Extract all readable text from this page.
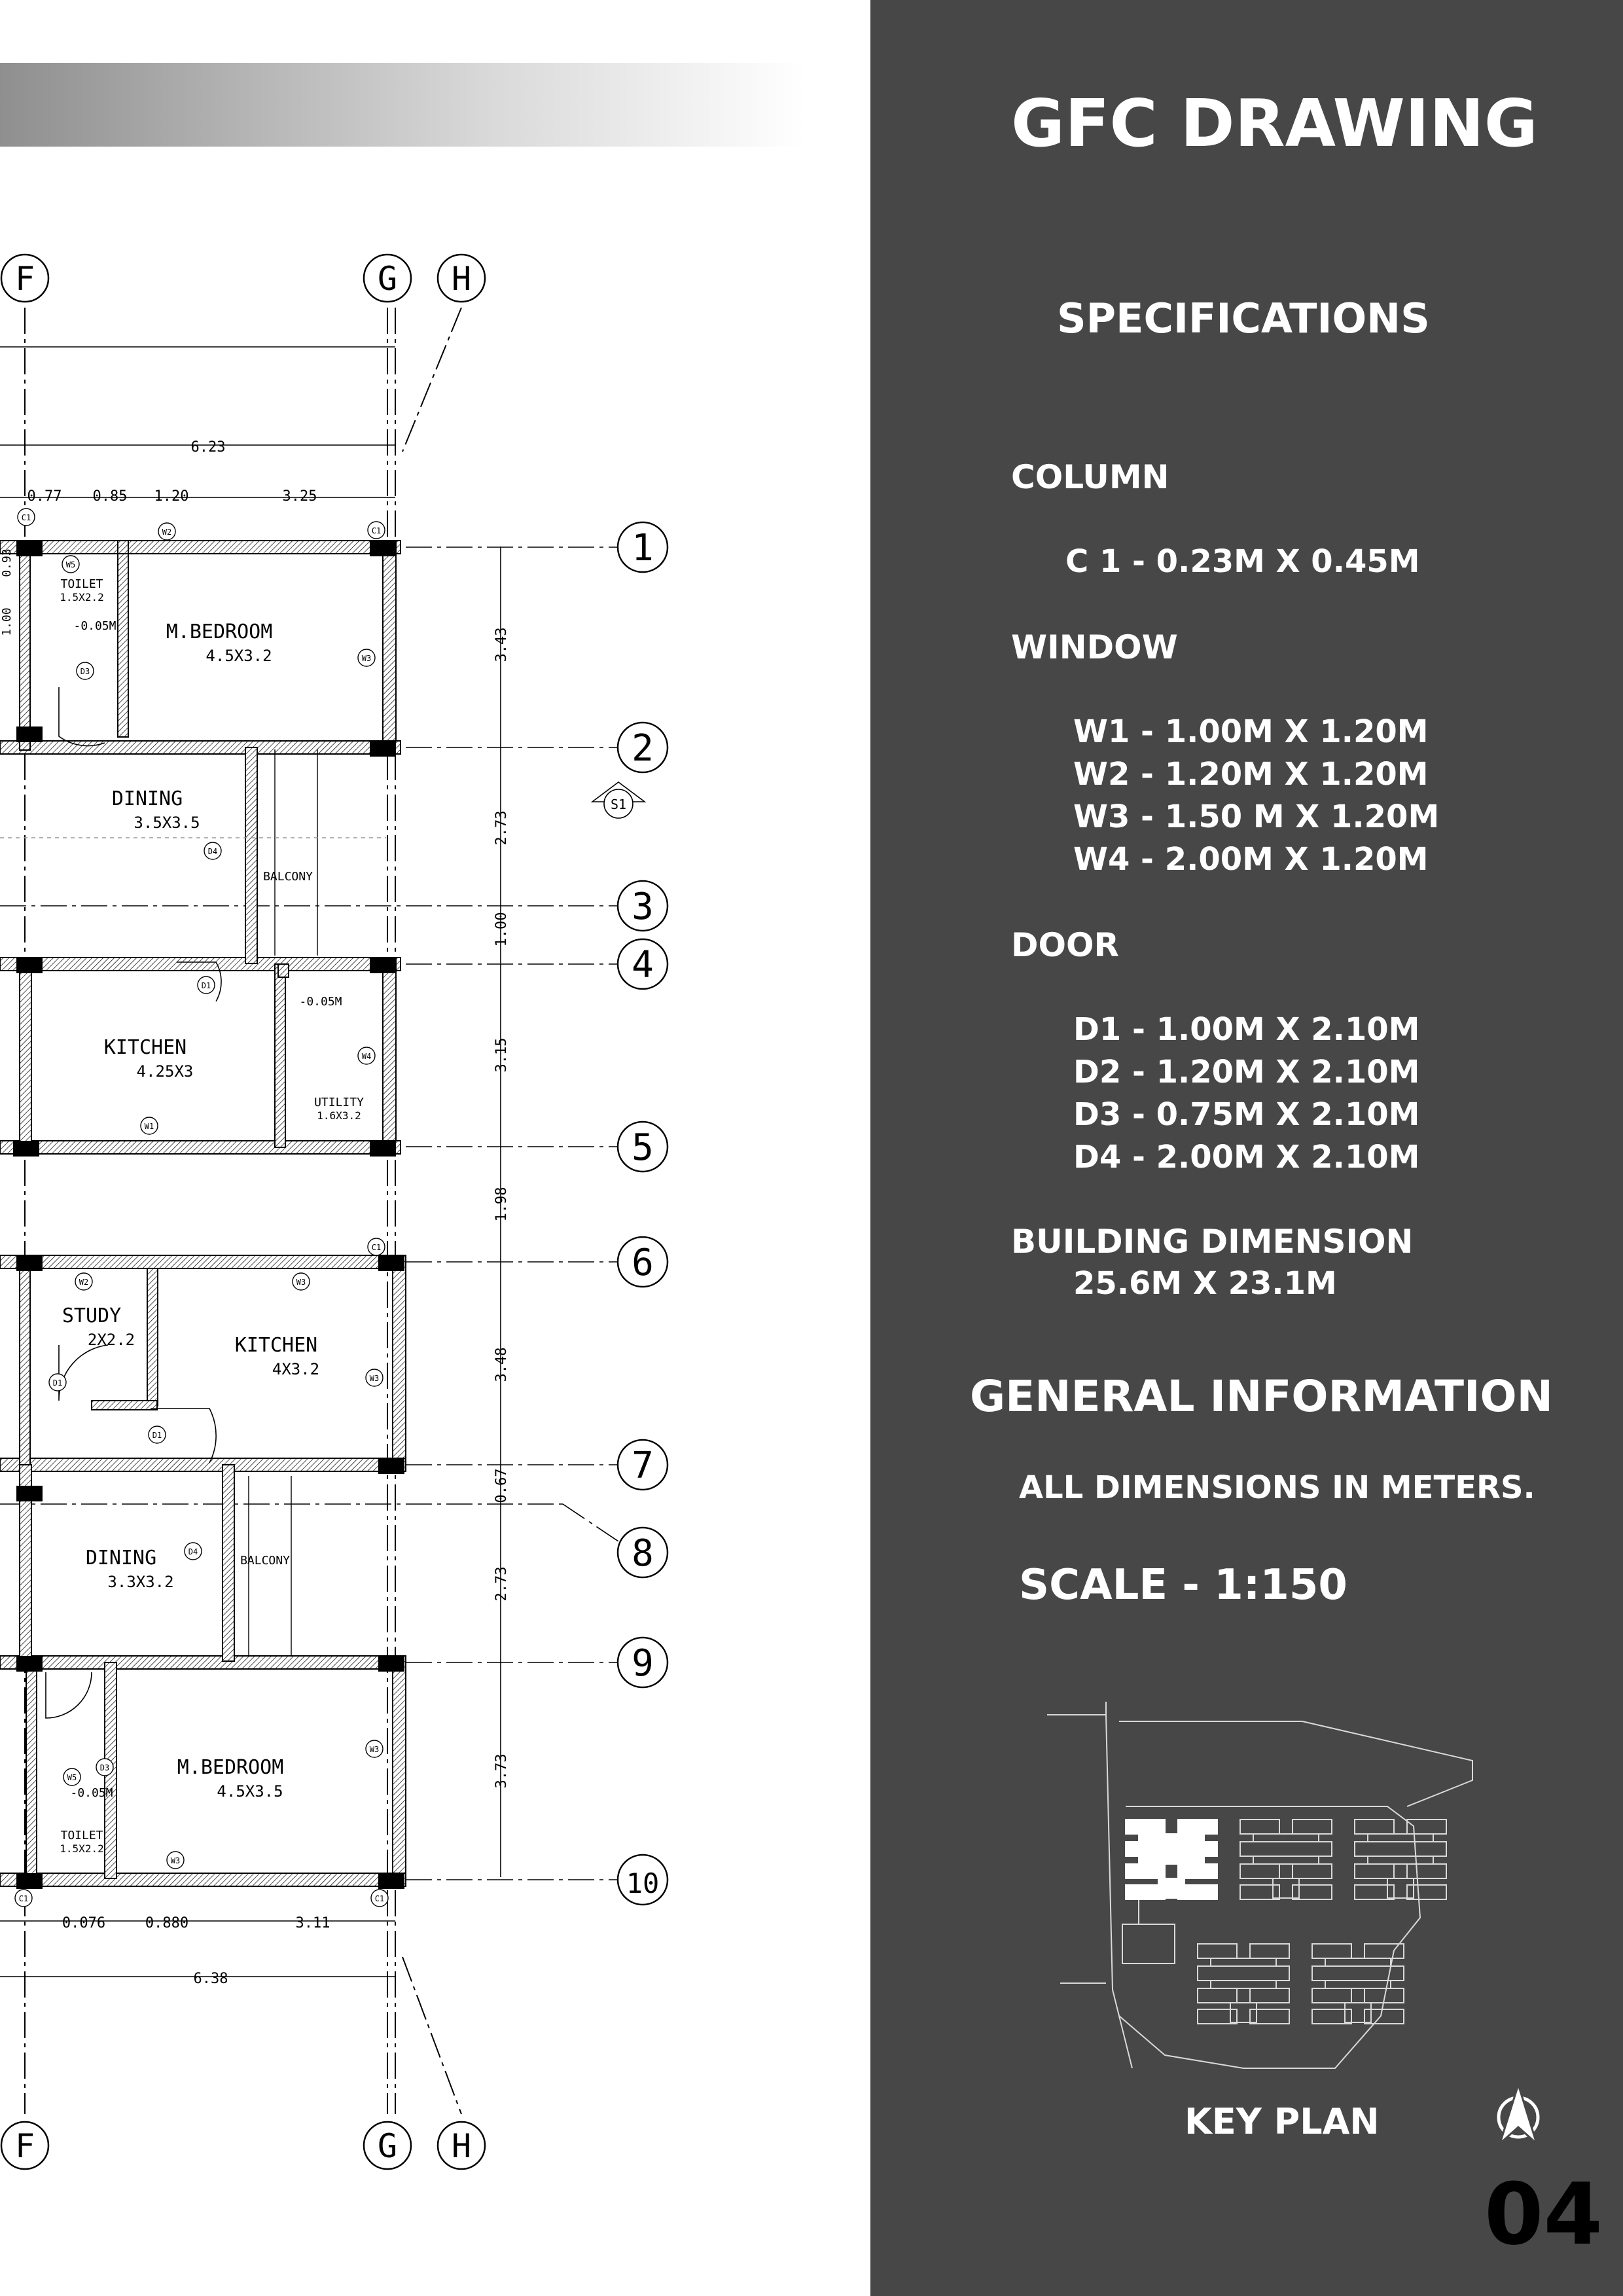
F	G H
F	G H
1
2
3
4
5
6
7
8
9
10
S1
M.BEDROOM
4.5X3.2
TOILET
1.5X2.2
DINING
3.5X3.5
BALCONY
KITCHEN
4.25X3
UTILITY
1.6X3.2
STUDY
2X2.2	KITCHEN
4X3.2
DINING
3.3X3.2
BALCONY
M.BEDROOM
4.5X3.5
TOILET
1.5X2.2
-0.05M
-0.05M
-0.05M
6.23
0.77 0.85 1.20	3.25
0.076	0.880	3.11
6.38
3.43
2.73
1.00
3.15
1.98
3.48
0.67
2.73
3.73
0.93
1.00
C1
C1
W5
W2
W3
D3
D4
D1
W4
W1
C1
W2	W3
W3
D1
D1
D4
D3
W5
W3
W3
C1	C1
GFC DRAWING
SPECIFICATIONS
COLUMN
C 1 - 0.23M X 0.45M
WINDOW
W1 - 1.00M X 1.20M
W2 - 1.20M X 1.20M
W3 - 1.50 M X 1.20M
W4 - 2.00M X 1.20M
DOOR
D1 - 1.00M X 2.10M
D2 - 1.20M X 2.10M
D3 - 0.75M X 2.10M
D4 - 2.00M X 2.10M
BUILDING DIMENSION
25.6M X 23.1M
GENERAL INFORMATION
ALL DIMENSIONS IN METERS.
SCALE - 1:150
KEY PLAN
04
